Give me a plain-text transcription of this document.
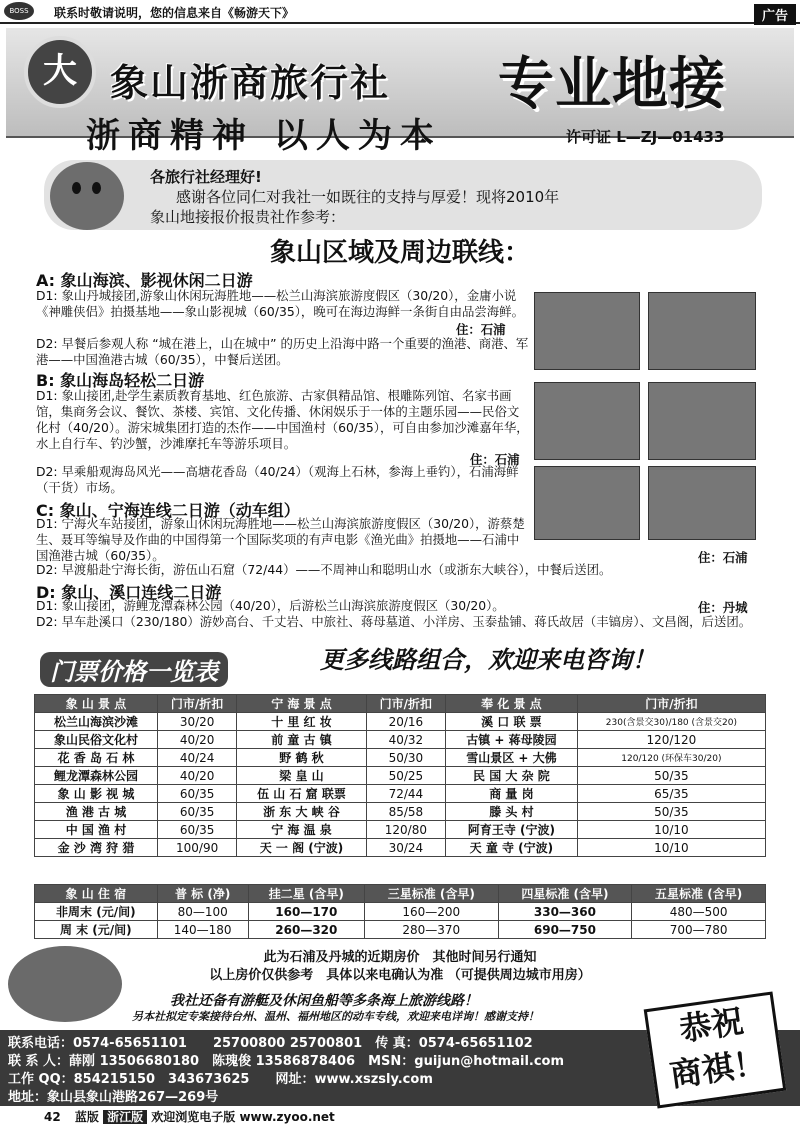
BOSS	联系时敬请说明，您的信息来自《畅游天下》	广告
大 象山浙商旅行社 专业地接
浙商精神 以人为本	许可证 L—ZJ—01433
各旅行社经理好!
感谢各位同仁对我社一如既往的支持与厚爱！现将2010年
象山地接报价报贵社作参考：
象山区域及周边联线：
A: 象山海滨、影视休闲二日游
D1: 象山丹城接团,游象山休闲玩海胜地——松兰山海滨旅游度假区（30/20），金庸小说《神雕侠侣》拍摄基地——象山影视城（60/35），晚可在海边海鲜一条街自由品尝海鲜。
住：石浦
D2: 早餐后参观人称 “城在港上，山在城中” 的历史上沿海中路一个重要的渔港、商港、军港——中国渔港古城（60/35），中餐后送团。
B: 象山海岛轻松二日游
D1: 象山接团,赴学生素质教育基地、红色旅游、古家俱精品馆、根雕陈列馆、名家书画馆，集商务会议、餐饮、茶楼、宾馆、文化传播、休闲娱乐于一体的主题乐园——民俗文化村（40/20）。游宋城集团打造的杰作——中国渔村（60/35），可自由参加沙滩嘉年华，水上自行车、钓沙蟹，沙滩摩托车等游乐项目。
住：石浦
D2: 早乘船观海岛风光——高塘花香岛（40/24）（观海上石林，参海上垂钓），石浦海鲜（干货）市场。
C: 象山、宁海连线二日游（动车组）
D1: 宁海火车站接团，游象山休闲玩海胜地——松兰山海滨旅游度假区（30/20），游蔡楚生、聂耳等编导及作曲的中国得第一个国际奖项的有声电影《渔光曲》拍摄地——石浦中国渔港古城（60/35）。	住：石浦
D2: 早渡船赴宁海长街，游伍山石窟（72/44）——不周神山和聪明山水（或浙东大峡谷），中餐后送团。
D: 象山、溪口连线二日游
D1: 象山接团，游鲤龙潭森林公园（40/20），后游松兰山海滨旅游度假区（30/20）。	住：丹城
D2: 早车赴溪口（230/180）游妙高台、千丈岩、中旅社、蒋母墓道、小洋房、玉泰盐铺、蒋氏故居（丰镐房）、文昌阁，后送团。
门票价格一览表	更多线路组合，欢迎来电咨询！
象 山 景 点	门市/折扣	宁 海 景 点	门市/折扣	奉 化 景 点	门市/折扣
松兰山海滨沙滩	30/20	十 里 红 妆	20/16	溪 口 联 票	230(含景交30)/180 (含景交20)
象山民俗文化村	40/20	前 童 古 镇	40/32	古镇 + 蒋母陵园	120/120
花 香 岛 石 林	40/24	野 鹤 秋	50/30	雪山景区 + 大佛	120/120 (环保车30/20)
鲤龙潭森林公园	40/20	梁 皇 山	50/25	民 国 大 杂 院	50/35
象 山 影 视 城	60/35	伍 山 石 窟 联票	72/44	商 量 岗	65/35
渔 港 古 城	60/35	浙 东 大 峡 谷	85/58	滕 头 村	50/35
中 国 渔 村	60/35	宁 海 温 泉	120/80	阿育王寺 (宁波)	10/10
金 沙 湾 狩 猎	100/90	天 一 阁 (宁波)	30/24	天 童 寺 (宁波)	10/10
象 山 住 宿	普 标 (净)	挂二星 (含早)	三星标准 (含早)	四星标准 (含早)	五星标准 (含早)
非周末 (元/间)	80—100	160—170	160—200	330—360	480—500
周 末 (元/间)	140—180	260—320	280—370	690—750	700—780
此为石浦及丹城的近期房价　其他时间另行通知
以上房价仅供参考　具体以来电确认为准 （可提供周边城市用房）
我社还备有游艇及休闲鱼船等多条海上旅游线路！
另本社拟定专案接待台州、温州、福州地区的动车专线，欢迎来电详询！感谢支持！
联系电话：0574-65651101　　25700800 25700801　传 真：0574-65651102
联 系 人：薛刚 13506680180　陈瑰俊 13586878406　MSN：guijun@hotmail.com
工作 QQ：854215150　343673625　　网址：www.xszsly.com
地址：象山县象山港路267—269号
恭祝
商祺！
42 蓝版 浙江版 欢迎浏览电子版 www.zyoo.net
